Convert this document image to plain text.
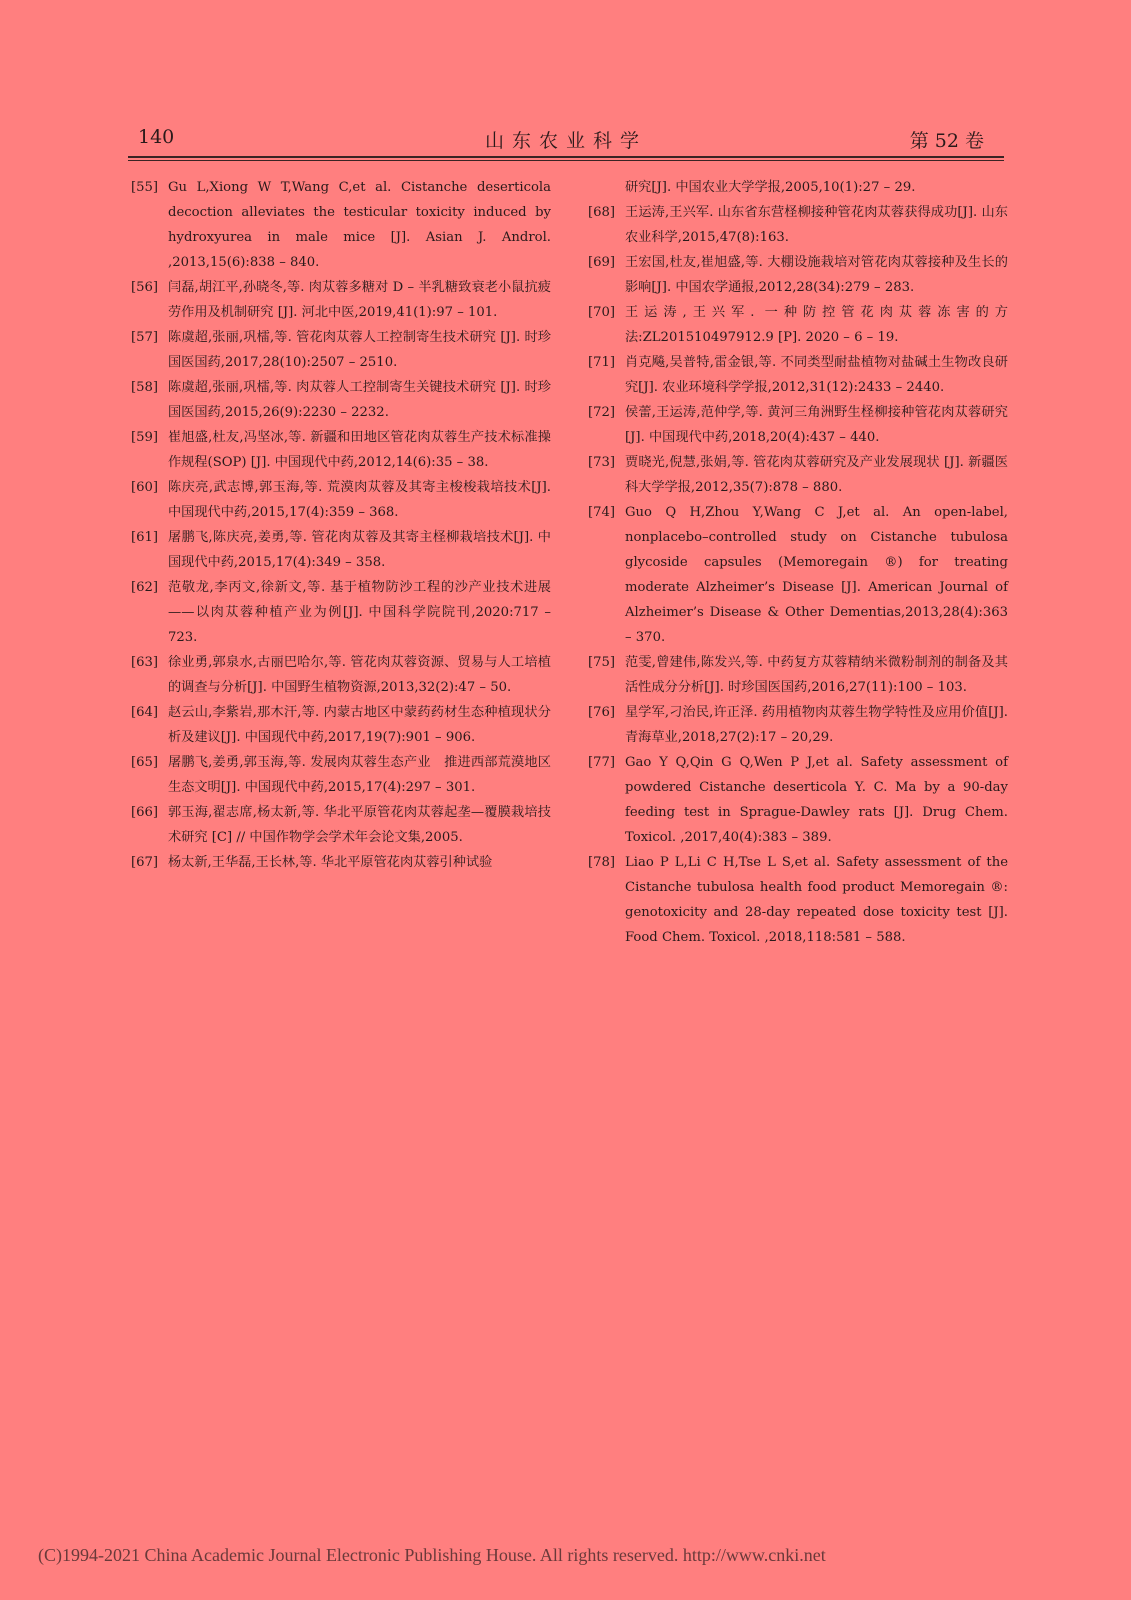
140	山东农业科学	第 52 卷
[55] Gu L,Xiong W T,Wang C,et al. Cistanche deserticola decoction alleviates the testicular toxicity induced by hydroxyurea in male mice [J]. Asian J. Androl. ,2013,15(6):838 – 840.
[56] 闫磊,胡江平,孙晓冬,等. 肉苁蓉多糖对 D – 半乳糖致衰老小鼠抗疲劳作用及机制研究 [J]. 河北中医,2019,41(1):97 – 101.
[57] 陈虞超,张丽,巩檑,等. 管花肉苁蓉人工控制寄生技术研究 [J]. 时珍国医国药,2017,28(10):2507 – 2510.
[58] 陈虞超,张丽,巩檑,等. 肉苁蓉人工控制寄生关键技术研究 [J]. 时珍国医国药,2015,26(9):2230 – 2232.
[59] 崔旭盛,杜友,冯坚冰,等. 新疆和田地区管花肉苁蓉生产技术标准操作规程(SOP) [J]. 中国现代中药,2012,14(6):35 – 38.
[60] 陈庆亮,武志博,郭玉海,等. 荒漠肉苁蓉及其寄主梭梭栽培技术[J]. 中国现代中药,2015,17(4):359 – 368.
[61] 屠鹏飞,陈庆亮,姜勇,等. 管花肉苁蓉及其寄主柽柳栽培技术[J]. 中国现代中药,2015,17(4):349 – 358.
[62] 范敬龙,李丙文,徐新文,等. 基于植物防沙工程的沙产业技术进展——以肉苁蓉种植产业为例[J]. 中国科学院院刊,2020:717 – 723.
[63] 徐业勇,郭泉水,古丽巴哈尔,等. 管花肉苁蓉资源、贸易与人工培植的调查与分析[J]. 中国野生植物资源,2013,32(2):47 – 50.
[64] 赵云山,李紫岩,那木汗,等. 内蒙古地区中蒙药药材生态种植现状分析及建议[J]. 中国现代中药,2017,19(7):901 – 906.
[65] 屠鹏飞,姜勇,郭玉海,等. 发展肉苁蓉生态产业　推进西部荒漠地区生态文明[J]. 中国现代中药,2015,17(4):297 – 301.
[66] 郭玉海,翟志席,杨太新,等. 华北平原管花肉苁蓉起垄—覆膜栽培技术研究 [C] // 中国作物学会学术年会论文集,2005.
[67] 杨太新,王华磊,王长林,等. 华北平原管花肉苁蓉引种试验
研究[J]. 中国农业大学学报,2005,10(1):27 – 29.
[68] 王运涛,王兴军. 山东省东营柽柳接种管花肉苁蓉获得成功[J]. 山东农业科学,2015,47(8):163.
[69] 王宏国,杜友,崔旭盛,等. 大棚设施栽培对管花肉苁蓉接种及生长的影响[J]. 中国农学通报,2012,28(34):279 – 283.
[70] 王运涛,王兴军. 一种防控管花肉苁蓉冻害的方法:ZL201510497912.9 [P]. 2020 – 6 – 19.
[71] 肖克飚,吴普特,雷金银,等. 不同类型耐盐植物对盐碱土生物改良研究[J]. 农业环境科学学报,2012,31(12):2433 – 2440.
[72] 侯蕾,王运涛,范仲学,等. 黄河三角洲野生柽柳接种管花肉苁蓉研究[J]. 中国现代中药,2018,20(4):437 – 440.
[73] 贾晓光,倪慧,张娟,等. 管花肉苁蓉研究及产业发展现状 [J]. 新疆医科大学学报,2012,35(7):878 – 880.
[74] Guo Q H,Zhou Y,Wang C J,et al. An open-label, nonplacebo–controlled study on Cistanche tubulosa glycoside capsules (Memoregain ®) for treating moderate Alzheimer’s Disease [J]. American Journal of Alzheimer’s Disease & Other Dementias,2013,28(4):363 – 370.
[75] 范雯,曾建伟,陈发兴,等. 中药复方苁蓉精纳米微粉制剂的制备及其活性成分分析[J]. 时珍国医国药,2016,27(11):100 – 103.
[76] 星学军,刁治民,许正泽. 药用植物肉苁蓉生物学特性及应用价值[J]. 青海草业,2018,27(2):17 – 20,29.
[77] Gao Y Q,Qin G Q,Wen P J,et al. Safety assessment of powdered Cistanche deserticola Y. C. Ma by a 90-day feeding test in Sprague-Dawley rats [J]. Drug Chem. Toxicol. ,2017,40(4):383 – 389.
[78] Liao P L,Li C H,Tse L S,et al. Safety assessment of the Cistanche tubulosa health food product Memoregain ®: genotoxicity and 28-day repeated dose toxicity test [J]. Food Chem. Toxicol. ,2018,118:581 – 588.
(C)1994-2021 China Academic Journal Electronic Publishing House. All rights reserved. http://www.cnki.net
